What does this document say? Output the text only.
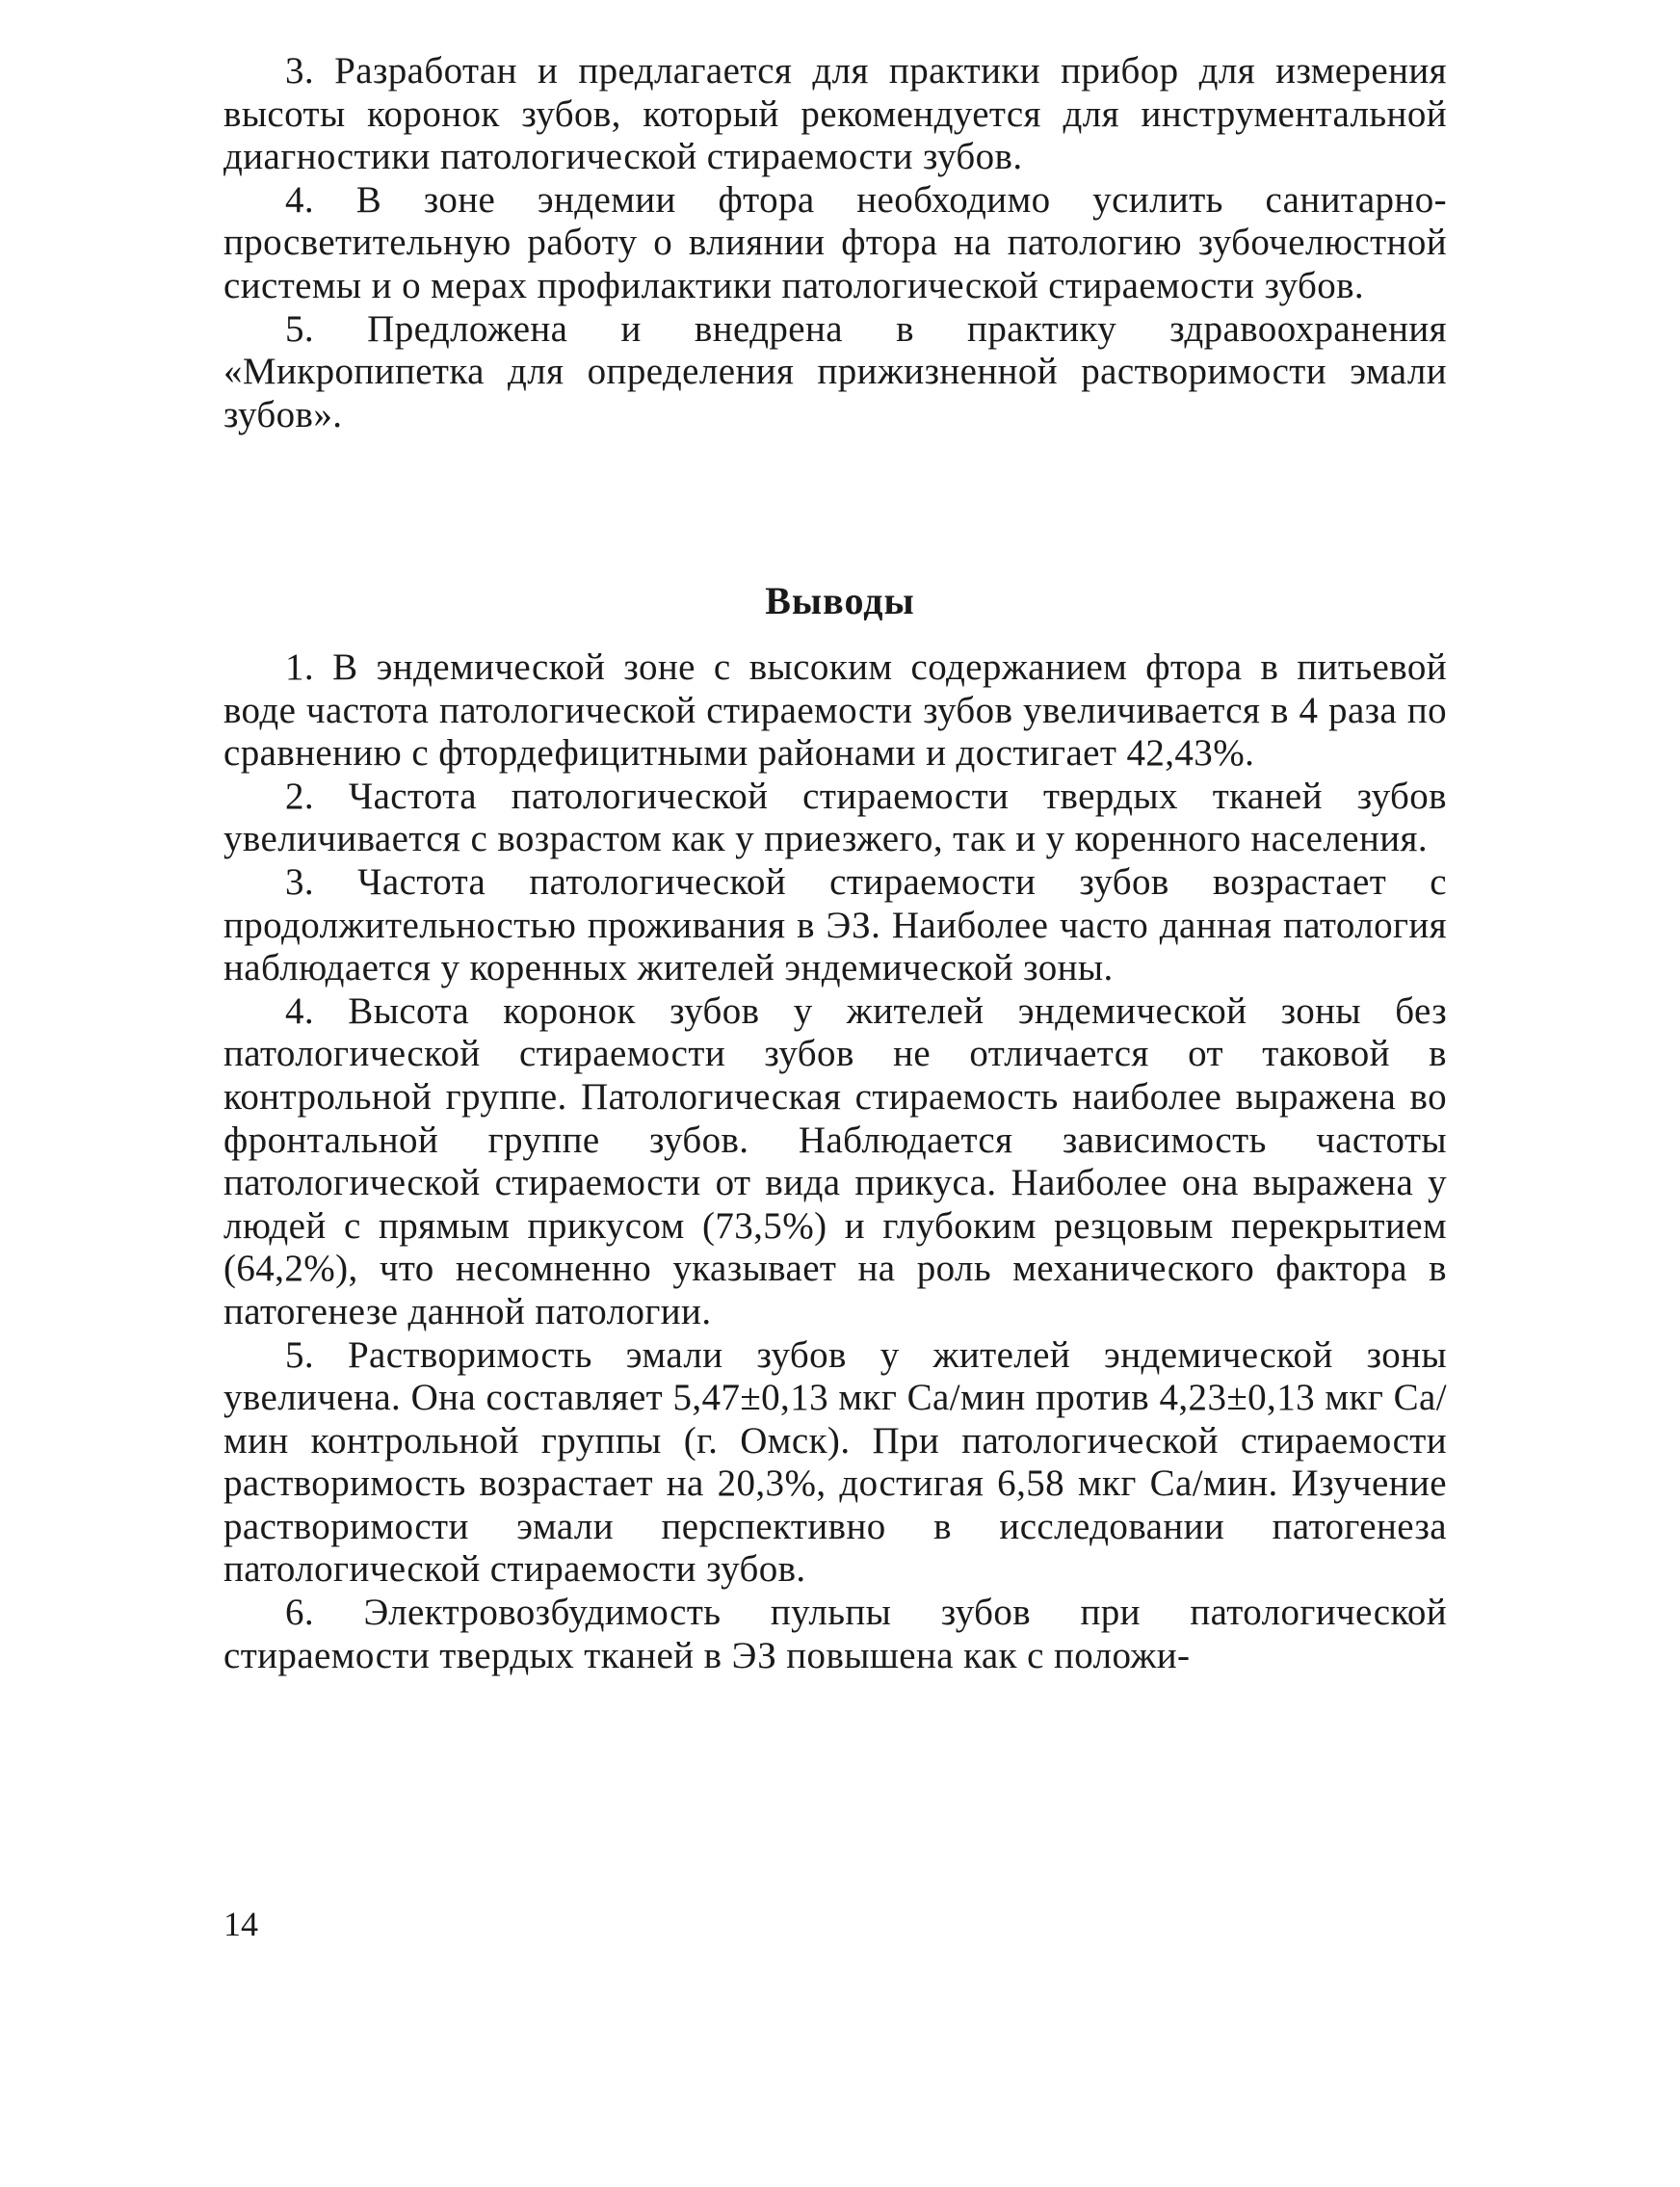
3. Разработан и предлагается для практики прибор для измерения высоты коронок зубов, который рекомендуется для инструментальной диагностики патологической стираемости зубов.

4. В зоне эндемии фтора необходимо усилить санитарно-просветительную работу о влиянии фтора на патологию зубочелюстной системы и о мерах профилактики патологической стираемости зубов.

5. Предложена и внедрена в практику здравоохранения «Микропипетка для определения прижизненной растворимости эмали зубов».

Выводы

1. В эндемической зоне с высоким содержанием фтора в питьевой воде частота патологической стираемости зубов увеличивается в 4 раза по сравнению с фтордефицитными районами и достигает 42,43%.

2. Частота патологической стираемости твердых тканей зубов увеличивается с возрастом как у приезжего, так и у коренного населения.

3. Частота патологической стираемости зубов возрастает с продолжительностью проживания в ЭЗ. Наиболее часто данная патология наблюдается у коренных жителей эндемической зоны.

4. Высота коронок зубов у жителей эндемической зоны без патологической стираемости зубов не отличается от таковой в контрольной группе. Патологическая стираемость наиболее выражена во фронтальной группе зубов. Наблюдается зависимость частоты патологической стираемости от вида прикуса. Наиболее она выражена у людей с прямым прикусом (73,5%) и глубоким резцовым перекрытием (64,2%), что несомненно указывает на роль механического фактора в патогенезе данной патологии.

5. Растворимость эмали зубов у жителей эндемической зоны увеличена. Она составляет 5,47±0,13 мкг Са/мин против 4,23±0,13 мкг Са/мин контрольной группы (г. Омск). При патологической стираемости растворимость возрастает на 20,3%, достигая 6,58 мкг Са/мин. Изучение растворимости эмали перспективно в исследовании патогенеза патологической стираемости зубов.

6. Электровозбудимость пульпы зубов при патологической стираемости твердых тканей в ЭЗ повышена как с положи-

14
